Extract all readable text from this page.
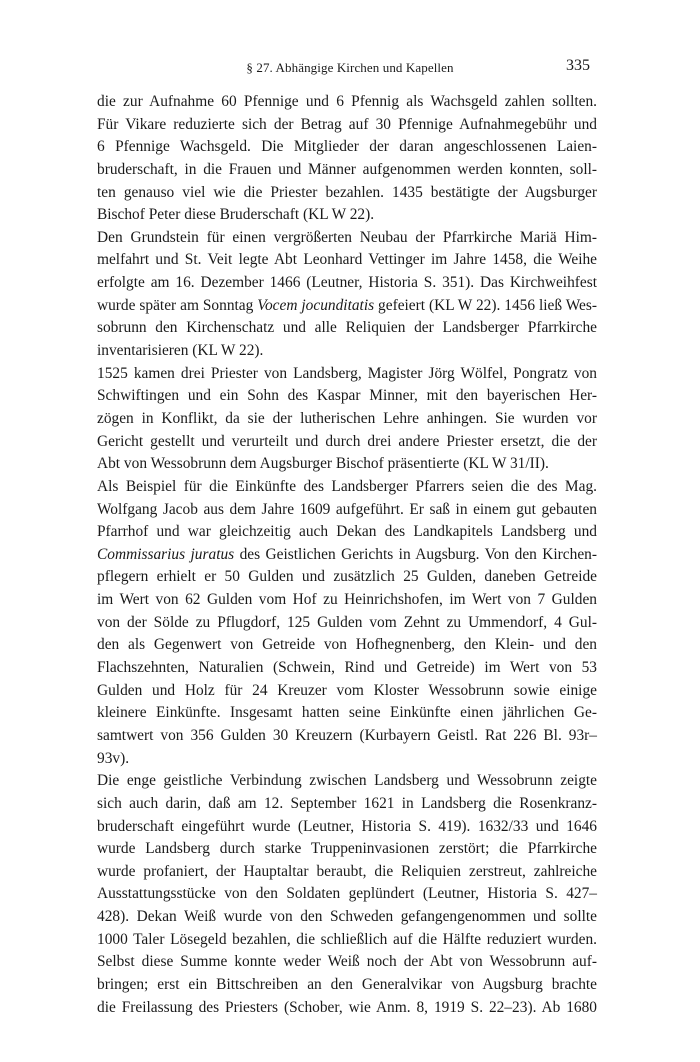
§ 27. Abhängige Kirchen und Kapellen	335
die zur Aufnahme 60 Pfennige und 6 Pfennig als Wachsgeld zahlen sollten.
Für Vikare reduzierte sich der Betrag auf 30 Pfennige Aufnahmegebühr und
6 Pfennige Wachsgeld. Die Mitglieder der daran angeschlossenen Laien-
bruderschaft, in die Frauen und Männer aufgenommen werden konnten, soll-
ten genauso viel wie die Priester bezahlen. 1435 bestätigte der Augsburger
Bischof Peter diese Bruderschaft (KL W 22).
Den Grundstein für einen vergrößerten Neubau der Pfarrkirche Mariä Him-
melfahrt und St. Veit legte Abt Leonhard Vettinger im Jahre 1458, die Weihe
erfolgte am 16. Dezember 1466 (Leutner, Historia S. 351). Das Kirchweihfest
wurde später am Sonntag Vocem jocunditatis gefeiert (KL W 22). 1456 ließ Wes-
sobrunn den Kirchenschatz und alle Reliquien der Landsberger Pfarrkirche
inventarisieren (KL W 22).
1525 kamen drei Priester von Landsberg, Magister Jörg Wölfel, Pongratz von
Schwiftingen und ein Sohn des Kaspar Minner, mit den bayerischen Her-
zögen in Konflikt, da sie der lutherischen Lehre anhingen. Sie wurden vor
Gericht gestellt und verurteilt und durch drei andere Priester ersetzt, die der
Abt von Wessobrunn dem Augsburger Bischof präsentierte (KL W 31/II).
Als Beispiel für die Einkünfte des Landsberger Pfarrers seien die des Mag.
Wolfgang Jacob aus dem Jahre 1609 aufgeführt. Er saß in einem gut gebauten
Pfarrhof und war gleichzeitig auch Dekan des Landkapitels Landsberg und
Commissarius juratus des Geistlichen Gerichts in Augsburg. Von den Kirchen-
pflegern erhielt er 50 Gulden und zusätzlich 25 Gulden, daneben Getreide
im Wert von 62 Gulden vom Hof zu Heinrichshofen, im Wert von 7 Gulden
von der Sölde zu Pflugdorf, 125 Gulden vom Zehnt zu Ummendorf, 4 Gul-
den als Gegenwert von Getreide von Hofhegnenberg, den Klein- und den
Flachszehnten, Naturalien (Schwein, Rind und Getreide) im Wert von 53
Gulden und Holz für 24 Kreuzer vom Kloster Wessobrunn sowie einige
kleinere Einkünfte. Insgesamt hatten seine Einkünfte einen jährlichen Ge-
samtwert von 356 Gulden 30 Kreuzern (Kurbayern Geistl. Rat 226 Bl. 93r–
93v).
Die enge geistliche Verbindung zwischen Landsberg und Wessobrunn zeigte
sich auch darin, daß am 12. September 1621 in Landsberg die Rosenkranz-
bruderschaft eingeführt wurde (Leutner, Historia S. 419). 1632/33 und 1646
wurde Landsberg durch starke Truppeninvasionen zerstört; die Pfarrkirche
wurde profaniert, der Hauptaltar beraubt, die Reliquien zerstreut, zahlreiche
Ausstattungsstücke von den Soldaten geplündert (Leutner, Historia S. 427–
428). Dekan Weiß wurde von den Schweden gefangengenommen und sollte
1000 Taler Lösegeld bezahlen, die schließlich auf die Hälfte reduziert wurden.
Selbst diese Summe konnte weder Weiß noch der Abt von Wessobrunn auf-
bringen; erst ein Bittschreiben an den Generalvikar von Augsburg brachte
die Freilassung des Priesters (Schober, wie Anm. 8, 1919 S. 22–23). Ab 1680
